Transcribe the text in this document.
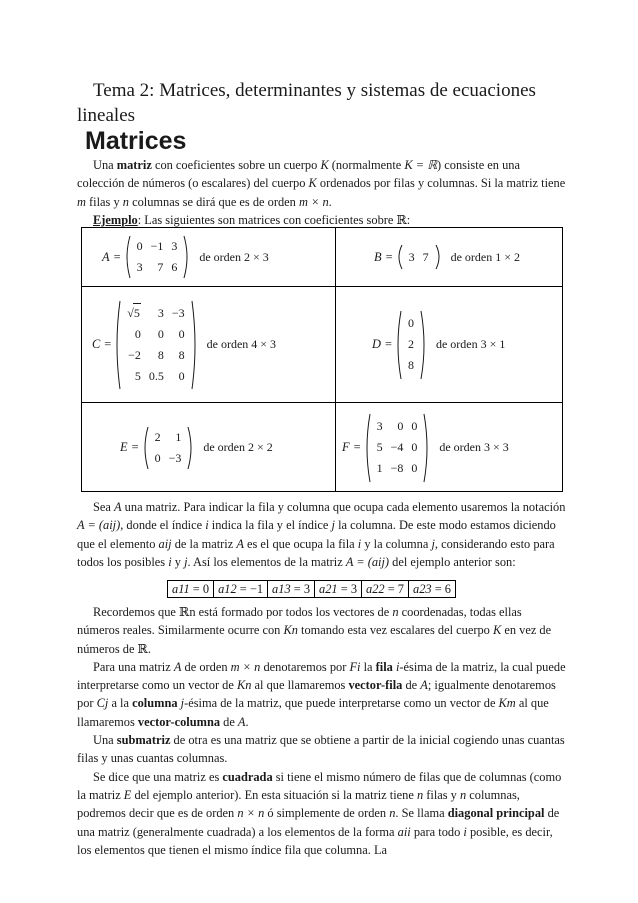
Tema 2: Matrices, determinantes y sistemas de ecuaciones
lineales
Matrices

Una matriz con coeficientes sobre un cuerpo K (normalmente K = ℝ) consiste en una colección de números (o escalares) del cuerpo K ordenados por filas y columnas. Si la matriz tiene m filas y n columnas se dirá que es de orden m × n.

Ejemplo: Las siguientes son matrices con coeficientes sobre ℝ:

A =
0	−1	3
3	7	6
de orden 2 × 3	B = 3	7 de orden 1 × 2
C =
√5	3	−3
0	0	0
−2	8	8
5	0.5	0
de orden 4 × 3	D =
0
2
8
de orden 3 × 1
E =
2	1
0	−3
de orden 2 × 2	F =
3	0	0
5	−4	0
1	−8	0
de orden 3 × 3

Sea A una matriz. Para indicar la fila y columna que ocupa cada elemento usaremos la notación A = (aij), donde el índice i indica la fila y el índice j la columna. De este modo estamos diciendo que el elemento aij de la matriz A es el que ocupa la fila i y la columna j, considerando esto para todos los posibles i y j. Así los elementos de la matriz A = (aij) del ejemplo anterior son:

a11 = 0	a12 = −1	a13 = 3	a21 = 3	a22 = 7	a23 = 6

Recordemos que ℝn está formado por todos los vectores de n coordenadas, todas ellas números reales. Similarmente ocurre con Kn tomando esta vez escalares del cuerpo K en vez de números de ℝ.

Para una matriz A de orden m × n denotaremos por Fi la fila i-ésima de la matriz, la cual puede interpretarse como un vector de Kn al que llamaremos vector-fila de A; igualmente denotaremos por Cj a la columna j-ésima de la matriz, que puede interpretarse como un vector de Km al que llamaremos vector-columna de A.

Una submatriz de otra es una matriz que se obtiene a partir de la inicial cogiendo unas cuantas filas y unas cuantas columnas.

Se dice que una matriz es cuadrada si tiene el mismo número de filas que de columnas (como la matriz E del ejemplo anterior). En esta situación si la matriz tiene n filas y n columnas, podremos decir que es de orden n × n ó simplemente de orden n. Se llama diagonal principal de una matriz (generalmente cuadrada) a los elementos de la forma aii para todo i posible, es decir, los elementos que tienen el mismo índice fila que columna. La
